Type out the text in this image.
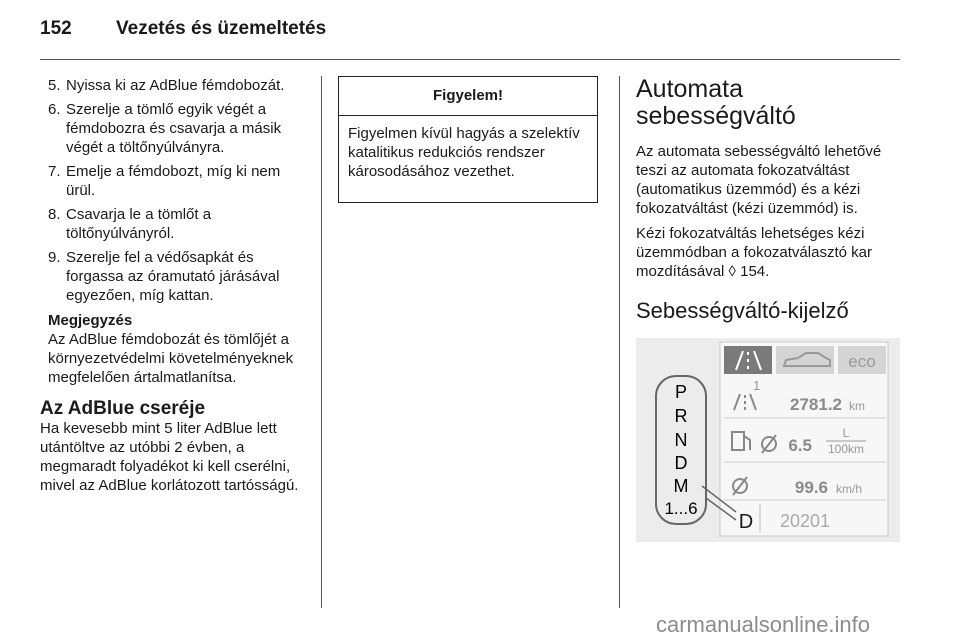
152 Vezetés és üzemeltetés
5. Nyissa ki az AdBlue fémdobozát.
6. Szerelje a tömlő egyik végét a fémdobozra és csavarja a másik végét a töltőnyúlványra.
7. Emelje a fémdobozt, míg ki nem ürül.
8. Csavarja le a tömlőt a töltőnyúlványról.
9. Szerelje fel a védősapkát és forgassa az óramutató járásával egyezően, míg kattan.
Megjegyzés
Az AdBlue fémdobozát és tömlőjét a környezetvédelmi követelményeknek megfelelően ártalmatlanítsa.
Az AdBlue cseréje
Ha kevesebb mint 5 liter AdBlue lett utántöltve az utóbbi 2 évben, a megmaradt folyadékot ki kell cserélni, mivel az AdBlue korlátozott tartósságú.
Figyelem!
Figyelmen kívül hagyás a szelektív katalitikus redukciós rendszer károsodásához vezethet.
Automata sebességváltó

Az automata sebességváltó lehetővé teszi az automata fokozatváltást (automatikus üzemmód) és a kézi fokozatváltást (kézi üzemmód) is.

Kézi fokozatváltás lehetséges kézi üzemmódban a fokozatválasztó kar mozdításával ◊ 154.

Sebességváltó-kijelző
eco
1
2781.2 km
6.5
L
100km
99.6 km/h
D 20201
P
R
N
D
M
1...6
carmanualsonline.info
